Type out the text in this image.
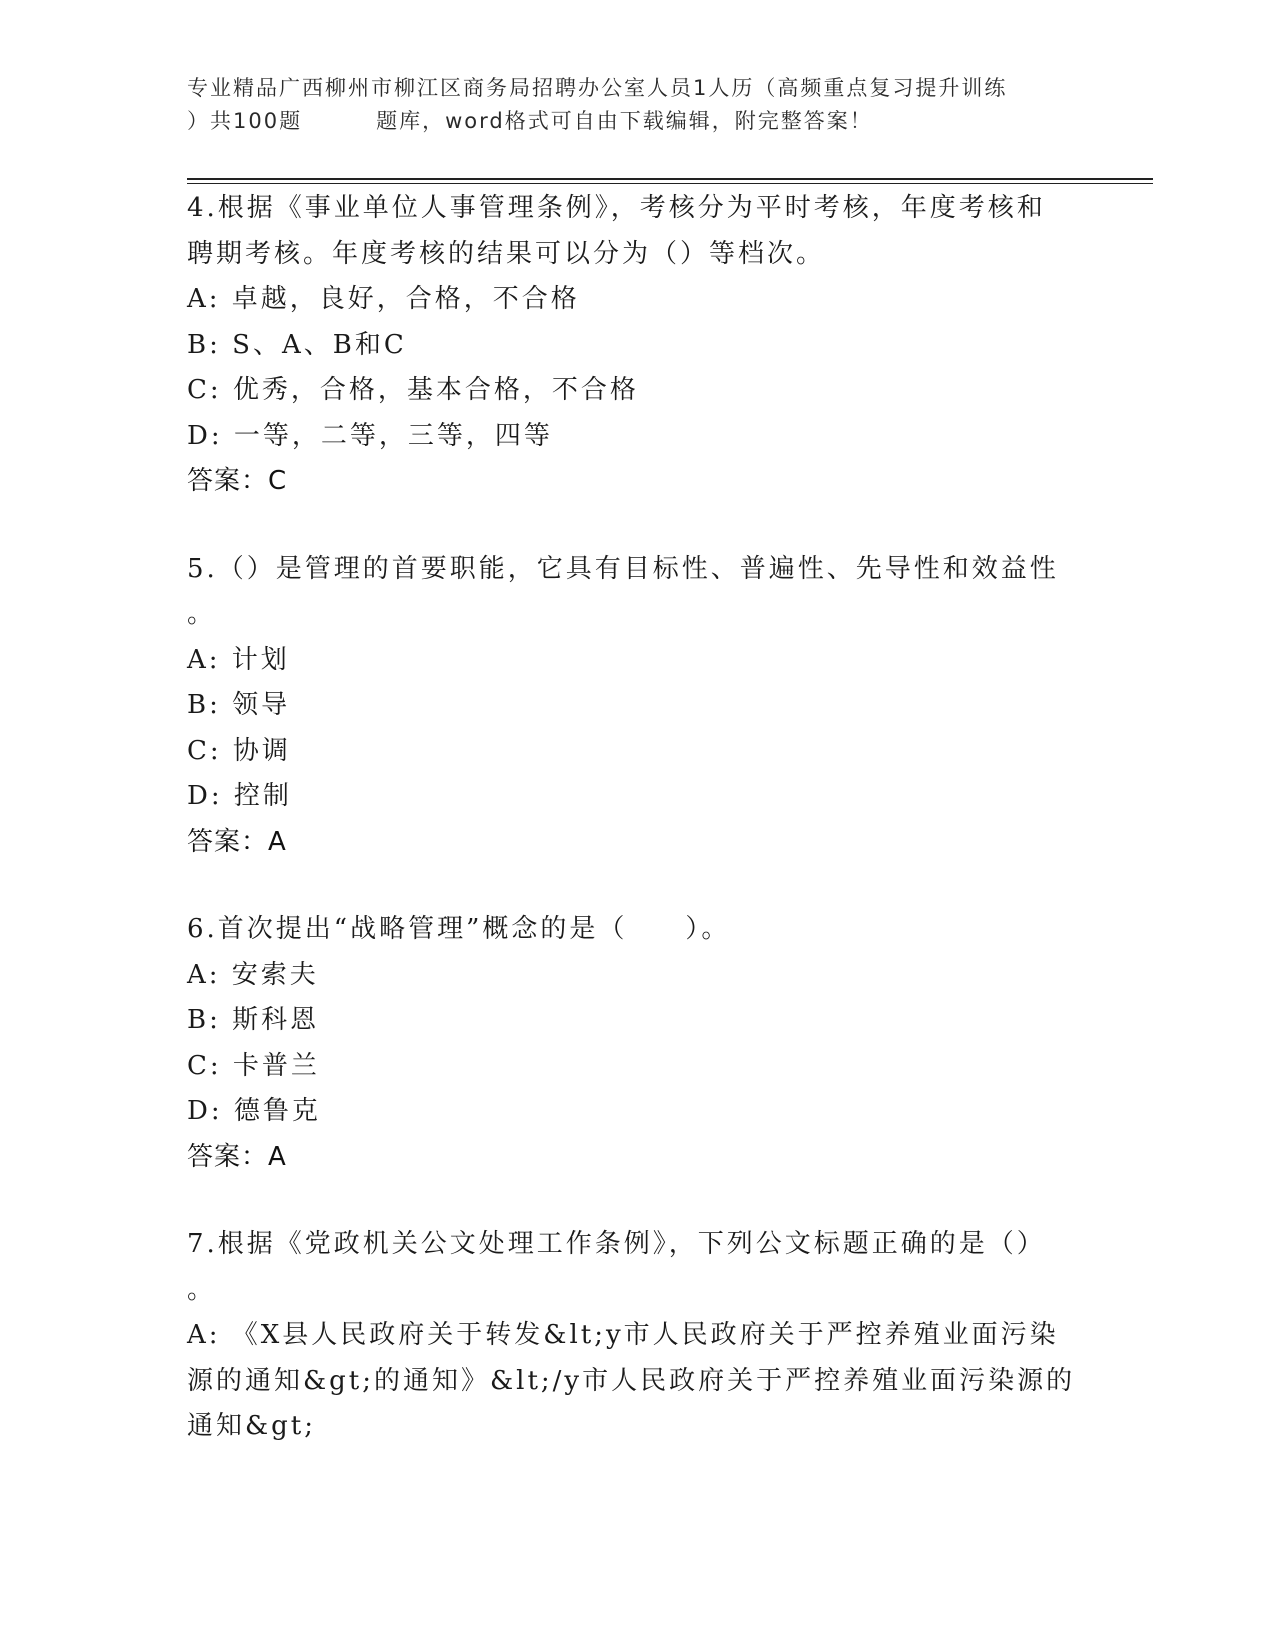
专业精品广西柳州市柳江区商务局招聘办公室人员1人历（高频重点复习提升训练
）共100题	题库，word格式可自由下载编辑，附完整答案！
4.根据《事业单位人事管理条例》，考核分为平时考核，年度考核和
聘期考核。年度考核的结果可以分为（）等档次。
A: 卓越，良好，合格，不合格
B: S、A、B和C
C: 优秀，合格，基本合格，不合格
D: 一等，二等，三等，四等
答案：C
5.（）是管理的首要职能，它具有目标性、普遍性、先导性和效益性
。
A: 计划
B: 领导
C: 协调
D: 控制
答案：A
6.首次提出“战略管理”概念的是（　　）。
A: 安索夫
B: 斯科恩
C: 卡普兰
D: 德鲁克
答案：A
7.根据《党政机关公文处理工作条例》，下列公文标题正确的是（）
。
A: 《X县人民政府关于转发&lt;y市人民政府关于严控养殖业面污染
源的通知&gt;的通知》&lt;/y市人民政府关于严控养殖业面污染源的
通知&gt;
